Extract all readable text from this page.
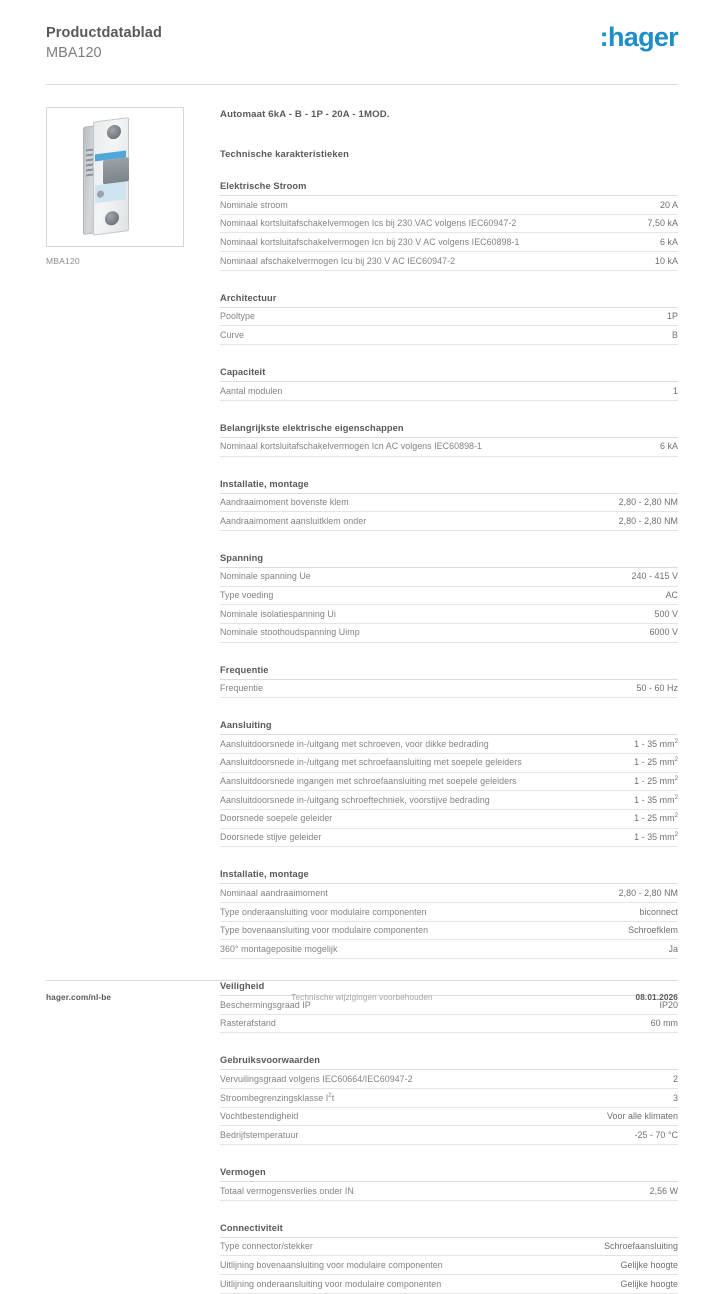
Productdatablad
MBA120
:hager
MBA120
Automaat 6kA - B - 1P - 20A - 1MOD.
Technische karakteristieken
Elektrische Stroom
Nominale stroom	20 A
Nominaal kortsluitafschakelvermogen Ics bij 230 VAC volgens IEC60947-2	7,50 kA
Nominaal kortsluitafschakelvermogen Icn bij 230 V AC volgens IEC60898-1	6 kA
Nominaal afschakelvermogen Icu bij 230 V AC IEC60947-2	10 kA
Architectuur
Pooltype	1P
Curve	B
Capaciteit
Aantal modulen	1
Belangrijkste elektrische eigenschappen
Nominaal kortsluitafschakelvermogen Icn AC volgens IEC60898-1	6 kA
Installatie, montage
Aandraaimoment bovenste klem	2,80 - 2,80 NM
Aandraaimoment aansluitklem onder	2,80 - 2,80 NM
Spanning
Nominale spanning Ue	240 - 415 V
Type voeding	AC
Nominale isolatiespanning Ui	500 V
Nominale stoothoudspanning Uimp	6000 V
Frequentie
Frequentie	50 - 60 Hz
Aansluiting
Aansluitdoorsnede in-/uitgang met schroeven, voor dikke bedrading	1 - 35 $mm^2$
Aansluitdoorsnede in-/uitgang met schroefaansluiting met soepele geleiders	1 - 25 $mm^2$
Aansluitdoorsnede ingangen met schroefaansluiting met soepele geleiders	1 - 25 $mm^2$
Aansluitdoorsnede in-/uitgang schroeftechniek, voorstijve bedrading	1 - 35 $mm^2$
Doorsnede soepele geleider	1 - 25 $mm^2$
Doorsnede stijve geleider	1 - 35 $mm^2$
Installatie, montage
Nominaal aandraaimoment	2,80 - 2,80 NM
Type onderaansluiting voor modulaire componenten	biconnect
Type bovenaansluiting voor modulaire componenten	Schroefklem
360° montagepositie mogelijk	Ja
Veiligheid
Beschermingsgraad IP	IP20
Rasterafstand	60 mm
Gebruiksvoorwaarden
Vervuilingsgraad volgens IEC60664/IEC60947-2	2
Stroombegrenzingsklasse $I^2t$	3
Vochtbestendigheid	Voor alle klimaten
Bedrijfstemperatuur	-25 - 70 °C
Vermogen
Totaal vermogensverlies onder IN	2,56 W
Connectiviteit
Type connector/stekker	Schroefaansluiting
Uitlijning bovenaansluiting voor modulaire componenten	Gelijke hoogte
Uitlijning onderaansluiting voor modulaire componenten	Gelijke hoogte
hager.com/nl-be	Technische wijzigingen voorbehouden	08.01.2026
